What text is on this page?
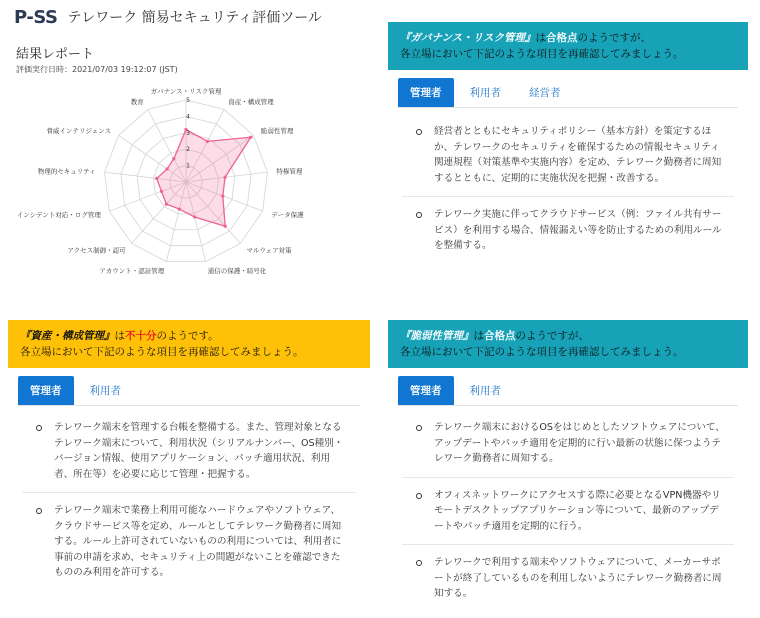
P-SS テレワーク 簡易セキュリティ評価ツール
結果レポート
評価実行日時：2021/07/03 19:12:07 (JST)
1
2
3
4
5
ガバナンス・リスク管理
資産・構成管理
脆弱性管理
特権管理
データ保護
マルウェア対策
通信の保護・暗号化
アカウント・認証管理
アクセス制御・認可
インシデント対応・ログ管理
物理的セキュリティ
脅威インテリジェンス
教育
『ガバナンス・リスク管理』は合格点のようですが、
各立場において下記のような項目を再確認してみましょう。
管理者	利用者	経営者
経営者とともにセキュリティポリシー（基本方針）を策定するほか、テレワークのセキュリティを確保するための情報セキュリティ関連規程（対策基準や実施内容）を定め、テレワーク勤務者に周知するとともに、定期的に実施状況を把握・改善する。
テレワーク実施に伴ってクラウドサービス（例：ファイル共有サービス）を利用する場合、情報漏えい等を防止するための利用ルールを整備する。
『資産・構成管理』は不十分のようです。
各立場において下記のような項目を再確認してみましょう。
管理者	利用者
テレワーク端末を管理する台帳を整備する。また、管理対象となるテレワーク端末について、利用状況（シリアルナンバー、OS種別・バージョン情報、使用アプリケーション、パッチ適用状況、利用者、所在等）を必要に応じて管理・把握する。
テレワーク端末で業務上利用可能なハードウェアやソフトウェア、クラウドサービス等を定め、ルールとしてテレワーク勤務者に周知する。ルール上許可されていないものの利用については、利用者に事前の申請を求め、セキュリティ上の問題がないことを確認できたもののみ利用を許可する。
『脆弱性管理』は合格点のようですが、
各立場において下記のような項目を再確認してみましょう。
管理者	利用者
テレワーク端末におけるOSをはじめとしたソフトウェアについて、アップデートやパッチ適用を定期的に行い最新の状態に保つようテレワーク勤務者に周知する。
オフィスネットワークにアクセスする際に必要となるVPN機器やリモートデスクトップアプリケーション等について、最新のアップデートやパッチ適用を定期的に行う。
テレワークで利用する端末やソフトウェアについて、メーカーサポートが終了しているものを利用しないようにテレワーク勤務者に周知する。
